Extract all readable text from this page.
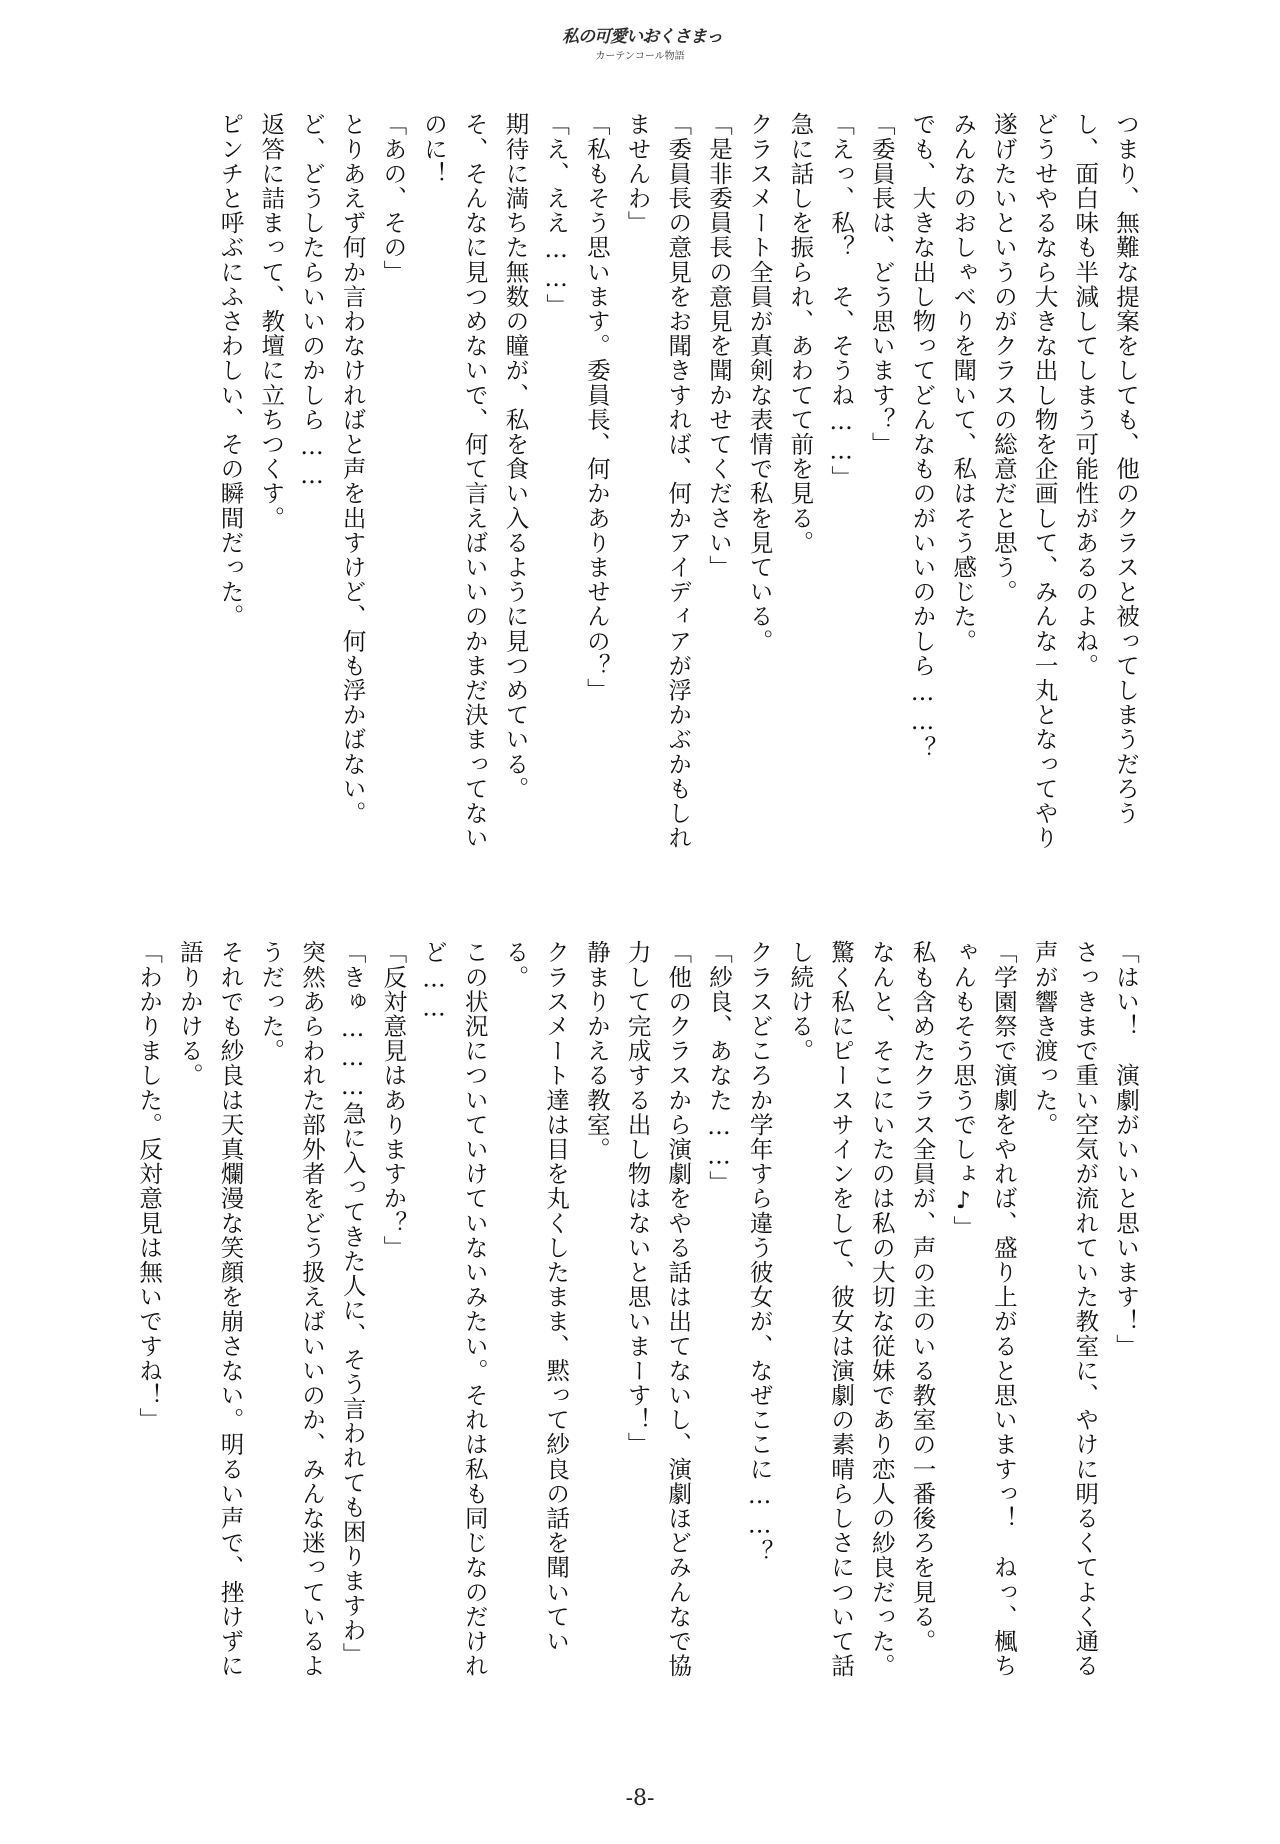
私の可愛いおくさまっ
カーテンコール物語

つまり、無難な提案をしても、他のクラスと被ってしまうだろうし、面白味も半減してしまう可能性があるのよね。

どうせやるなら大きな出し物を企画して、みんな一丸となってやり遂げたいというのがクラスの総意だと思う。

みんなのおしゃべりを聞いて、私はそう感じた。

でも、大きな出し物ってどんなものがいいのかしら……？

「委員長は、どう思います？」

「えっ、私？　そ、そうね……」

急に話しを振られ、あわてて前を見る。

クラスメート全員が真剣な表情で私を見ている。

「是非委員長の意見を聞かせてください」

「委員長の意見をお聞きすれば、何かアイディアが浮かぶかもしれませんわ」

「私もそう思います。委員長、何かありませんの？」

「え、ええ……」

期待に満ちた無数の瞳が、私を食い入るように見つめている。

そ、そんなに見つめないで、何て言えばいいのかまだ決まってないのに！

「あの、その」

とりあえず何か言わなければと声を出すけど、何も浮かばない。

ど、どうしたらいいのかしら……

返答に詰まって、教壇に立ちつくす。

ピンチと呼ぶにふさわしい、その瞬間だった。

「はい！　演劇がいいと思います！」

さっきまで重い空気が流れていた教室に、やけに明るくてよく通る声が響き渡った。

「学園祭で演劇をやれば、盛り上がると思いますっ！　ねっ、楓ちゃんもそう思うでしょ♪」

私も含めたクラス全員が、声の主のいる教室の一番後ろを見る。

なんと、そこにいたのは私の大切な従妹であり恋人の紗良だった。

驚く私にピースサインをして、彼女は演劇の素晴らしさについて話し続ける。

クラスどころか学年すら違う彼女が、なぜここに……？

「紗良、あなた……」

「他のクラスから演劇をやる話は出てないし、演劇ほどみんなで協力して完成する出し物はないと思いまーす！」

静まりかえる教室。

クラスメート達は目を丸くしたまま、黙って紗良の話を聞いている。

この状況についていけていないみたい。それは私も同じなのだけれど……

「反対意見はありますか？」

「きゅ………急に入ってきた人に、そう言われても困りますわ」

突然あらわれた部外者をどう扱えばいいのか、みんな迷っているようだった。

それでも紗良は天真爛漫な笑顔を崩さない。明るい声で、挫けずに語りかける。

「わかりました。反対意見は無いですね！」

-8-
